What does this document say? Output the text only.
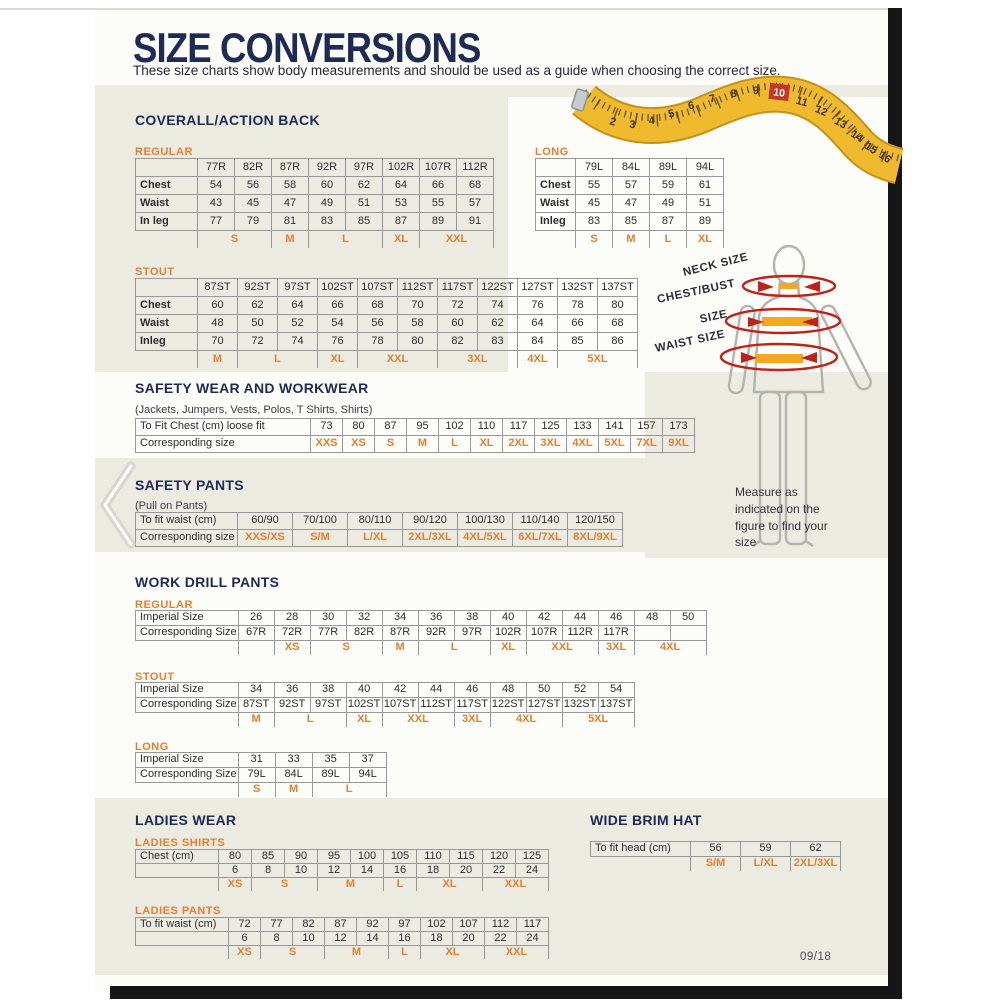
SIZE CONVERSIONS
These size charts show body measurements and should be used as a guide when choosing the correct size.
2 3 4
5
6
7 8 9 10
11
12
13
14
15
16
COVERALL/ACTION BACK
REGULAR
	77R	82R	87R	92R	97R	102R	107R	112R
Chest	54	56	58	60	62	64	66	68
Waist	43	45	47	49	51	53	55	57
In leg	77	79	81	83	85	87	89	91
	S		M	L		XL	XXL	
LONG
	79L	84L	89L	94L
Chest	55	57	59	61
Waist	45	47	49	51
Inleg	83	85	87	89
	S	M	L	XL
STOUT
	87ST	92ST	97ST	102ST	107ST	112ST	117ST	122ST	127ST	132ST	137ST
Chest	60	62	64	66	68	70	72	74	76	78	80
Waist	48	50	52	54	56	58	60	62	64	66	68
Inleg	70	72	74	76	78	80	82	83	84	85	86
	M	L		XL	XXL		3XL		4XL	5XL	
SAFETY WEAR AND WORKWEAR
(Jackets, Jumpers, Vests, Polos, T Shirts, Shirts)
To Fit Chest (cm) loose fit	73	80	87	95	102	110	117	125	133	141	157	173
Corresponding size	XXS	XS	S	M	L	XL	2XL	3XL	4XL	5XL	7XL	9XL
SAFETY PANTS
(Pull on Pants)
To fit waist (cm)	60/90	70/100	80/110	90/120	100/130	110/140	120/150
Corresponding size	XXS/XS	S/M	L/XL	2XL/3XL	4XL/5XL	6XL/7XL	8XL/9XL
WORK DRILL PANTS
REGULAR
Imperial Size	26	28	30	32	34	36	38	40	42	44	46	48	50
Corresponding Size	67R	72R	77R	82R	87R	92R	97R	102R	107R	112R	117R		
		XS	S		M	L		XL	XXL		3XL	4XL	
STOUT
Imperial Size	34	36	38	40	42	44	46	48	50	52	54
Corresponding Size	87ST	92ST	97ST	102ST	107ST	112ST	117ST	122ST	127ST	132ST	137ST
	M	L		XL	XXL		3XL	4XL		5XL	
LONG
Imperial Size	31	33	35	37
Corresponding Size	79L	84L	89L	94L
	S	M	L	
LADIES WEAR
LADIES SHIRTS
Chest (cm)	80	85	90	95	100	105	110	115	120	125
	6	8	10	12	14	16	18	20	22	24
	XS	S		M		L	XL		XXL	
LADIES PANTS
To fit waist (cm)	72	77	82	87	92	97	102	107	112	117
	6	8	10	12	14	16	18	20	22	24
	XS	S		M		L	XL		XXL	
WIDE BRIM HAT
To fit head (cm)	56	59	62
	S/M	L/XL	2XL/3XL
NECK SIZE
CHEST/BUST
SIZE
WAIST SIZE
Measure as indicated on the figure to find your size
09/18
